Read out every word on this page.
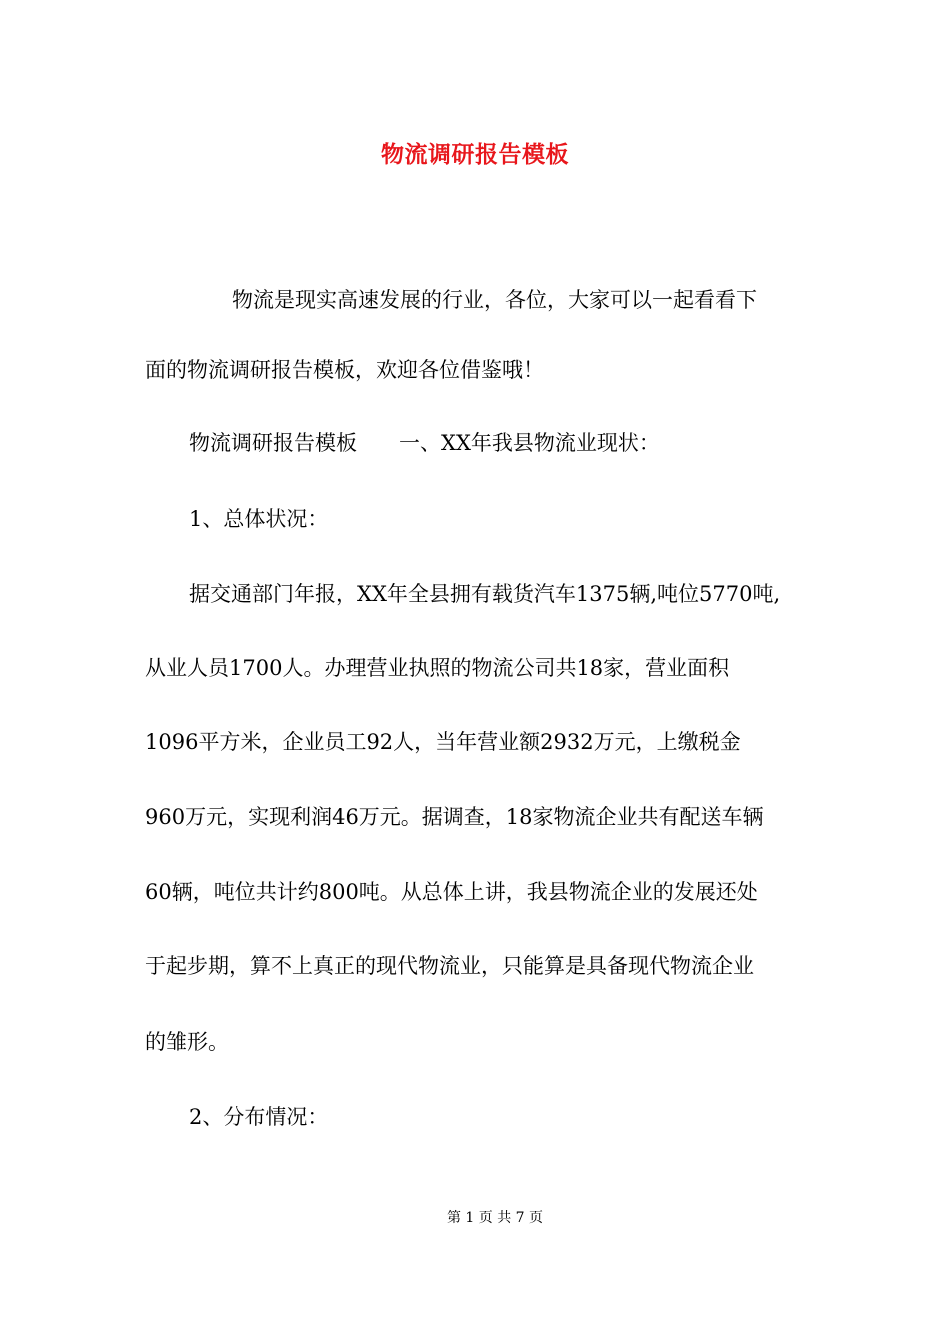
物流调研报告模板
物流是现实高速发展的行业，各位，大家可以一起看看下
面的物流调研报告模板，欢迎各位借鉴哦！
物流调研报告模板　　一、XX年我县物流业现状：
1、总体状况：
据交通部门年报，XX年全县拥有载货汽车1375辆,吨位5770吨,
从业人员1700人。办理营业执照的物流公司共18家，营业面积
1096平方米，企业员工92人，当年营业额2932万元，上缴税金
960万元，实现利润46万元。据调查，18家物流企业共有配送车辆
60辆，吨位共计约800吨。从总体上讲，我县物流企业的发展还处
于起步期，算不上真正的现代物流业，只能算是具备现代物流企业
的雏形。
2、分布情况：
第 1 页 共 7 页
